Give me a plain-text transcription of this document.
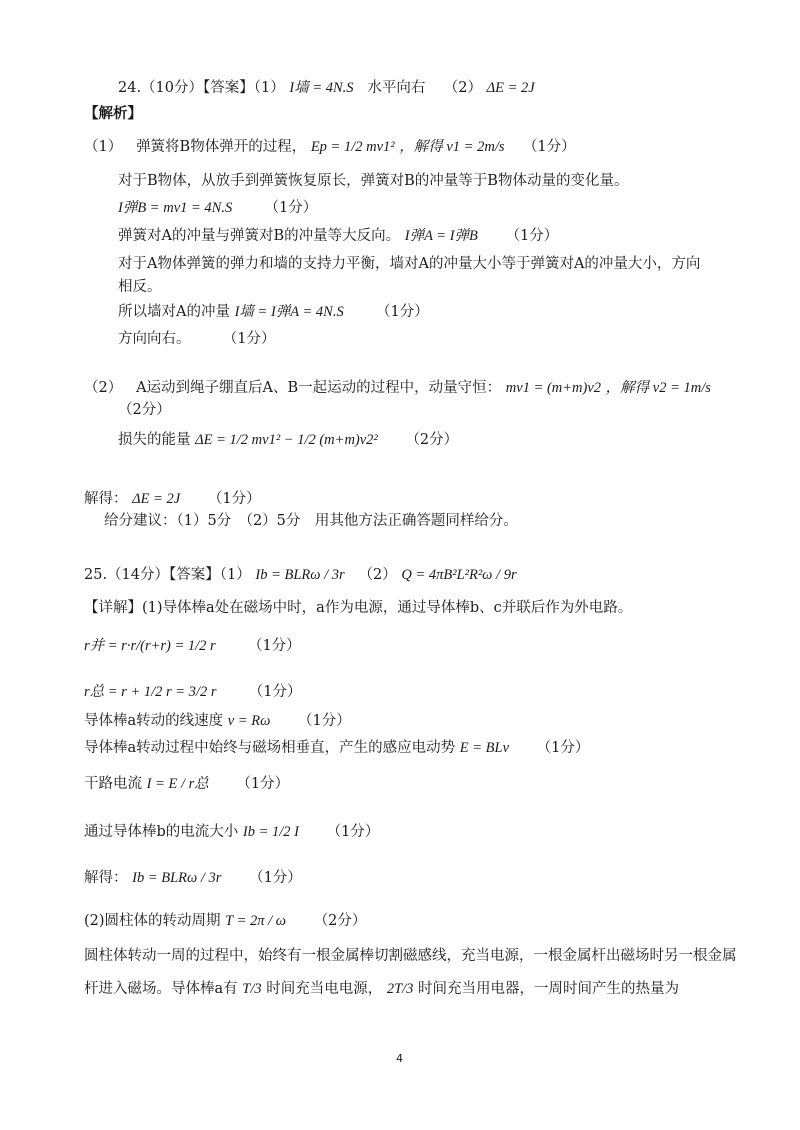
24.（10分）【答案】（1） I墙 = 4N.S 水平向右 （2） ΔE = 2J
【解析】
（1） 弹簧将B物体弹开的过程， Ep = 1/2 mv1² ，解得 v1 = 2m/s （1分）
对于B物体，从放手到弹簧恢复原长，弹簧对B的冲量等于B物体动量的变化量。
I弹B = mv1 = 4N.S （1分）
弹簧对A的冲量与弹簧对B的冲量等大反向。 I弹A = I弹B （1分）
对于A物体弹簧的弹力和墙的支持力平衡，墙对A的冲量大小等于弹簧对A的冲量大小，方向
相反。
所以墙对A的冲量 I墙 = I弹A = 4N.S （1分）
方向向右。 （1分）
（2） A运动到绳子绷直后A、B一起运动的过程中，动量守恒： mv1 = (m+m)v2 ，解得 v2 = 1m/s
（2分）
损失的能量 ΔE = 1/2 mv1² − 1/2 (m+m)v2² （2分）
解得： ΔE = 2J （1分）
给分建议：（1）5分　（2）5分　用其他方法正确答题同样给分。
25.（14分）【答案】（1） Ib = BLRω / 3r （2） Q = 4πB²L²R²ω / 9r
【详解】(1)导体棒a处在磁场中时，a作为电源，通过导体棒b、c并联后作为外电路。
r并 = r·r/(r+r) = 1/2 r （1分）
r总 = r + 1/2 r = 3/2 r （1分）
导体棒a转动的线速度 v = Rω （1分）
导体棒a转动过程中始终与磁场相垂直，产生的感应电动势 E = BLv （1分）
干路电流 I = E / r总 （1分）
通过导体棒b的电流大小 Ib = 1/2 I （1分）
解得： Ib = BLRω / 3r （1分）
(2)圆柱体的转动周期 T = 2π / ω （2分）
圆柱体转动一周的过程中，始终有一根金属棒切割磁感线，充当电源，一根金属杆出磁场时另一根金属
杆进入磁场。导体棒a有 T/3 时间充当电电源， 2T/3 时间充当用电器，一周时间产生的热量为
4
